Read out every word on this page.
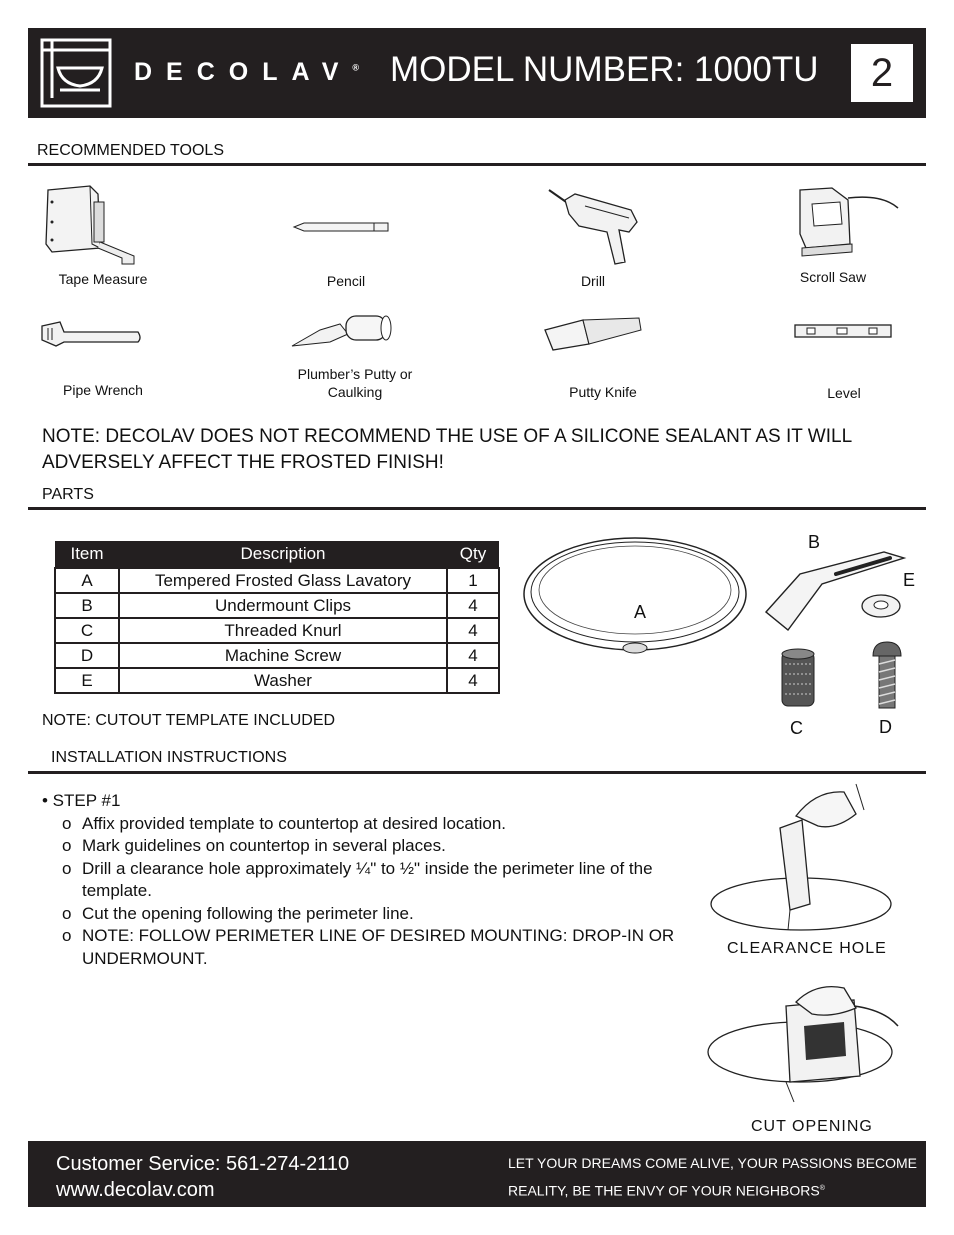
DECOLAV® MODEL NUMBER: 1000TU	2
RECOMMENDED TOOLS
Tape Measure	Pencil	Drill	Scroll Saw
Pipe Wrench
Plumber’s Putty or Caulking	Putty Knife	Level
NOTE: DECOLAV DOES NOT RECOMMEND THE USE OF A SILICONE SEALANT AS IT WILL ADVERSELY AFFECT THE FROSTED FINISH!
PARTS
Item	Description	Qty
A	Tempered Frosted Glass Lavatory	1
B	Undermount Clips	4
C	Threaded Knurl	4
D	Machine Screw	4
E	Washer	4
NOTE: CUTOUT TEMPLATE INCLUDED
A
B
E
C	D
INSTALLATION INSTRUCTIONS
• STEP #1
o Affix provided template to countertop at desired location.
o Mark guidelines on countertop in several places.
o Drill a clearance hole approximately ¼" to ½" inside the perimeter line of the template.
o Cut the opening following the perimeter line.
o NOTE: FOLLOW PERIMETER LINE OF DESIRED MOUNTING: DROP-IN OR UNDERMOUNT.	CLEARANCE HOLE
CUT OPENING
Customer Service: 561-274-2110
www.decolav.com
LET YOUR DREAMS COME ALIVE, YOUR PASSIONS BECOME
REALITY, BE THE ENVY OF YOUR NEIGHBORS®
